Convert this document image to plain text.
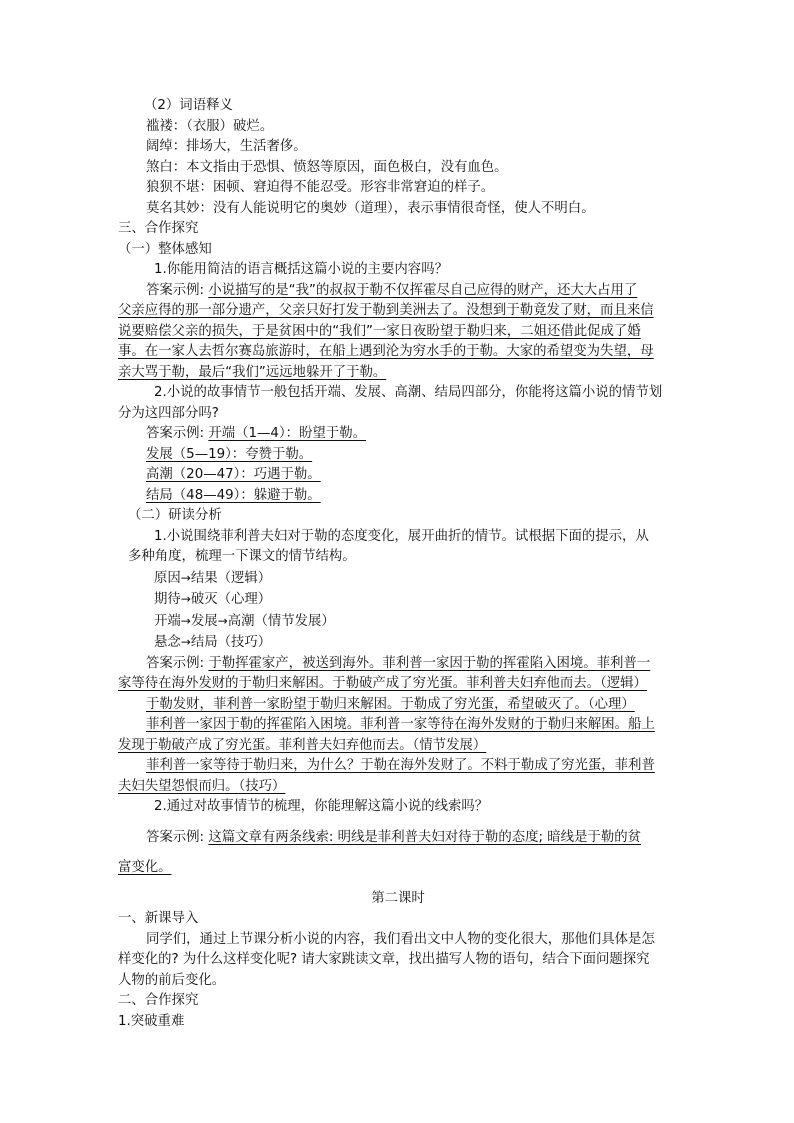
（2）词语释义
褴褛：（衣服）破烂。
阔绰：排场大，生活奢侈。
煞白：本文指由于恐惧、愤怒等原因，面色极白，没有血色。
狼狈不堪：困顿、窘迫得不能忍受。形容非常窘迫的样子。
莫名其妙：没有人能说明它的奥妙（道理），表示事情很奇怪，使人不明白。
三、合作探究
（一）整体感知
1.你能用简洁的语言概括这篇小说的主要内容吗？
答案示例: 小说描写的是“我”的叔叔于勒不仅挥霍尽自己应得的财产，还大大占用了
父亲应得的那一部分遗产，父亲只好打发于勒到美洲去了。没想到于勒竟发了财，而且来信
说要赔偿父亲的损失，于是贫困中的“我们”一家日夜盼望于勒归来，二姐还借此促成了婚
事。在一家人去哲尔赛岛旅游时，在船上遇到沦为穷水手的于勒。大家的希望变为失望，母
亲大骂于勒，最后“我们”远远地躲开了于勒。
2.小说的故事情节一般包括开端、发展、高潮、结局四部分，你能将这篇小说的情节划
分为这四部分吗?
答案示例: 开端（1—4）：盼望于勒。
发展（5—19）：夸赞于勒。
高潮（20—47）：巧遇于勒。
结局（48—49）：躲避于勒。
（二）研读分析
1.小说围绕菲利普夫妇对于勒的态度变化，展开曲折的情节。试根据下面的提示，从
多种角度，梳理一下课文的情节结构。
原因→结果（逻辑）
期待→破灭（心理）
开端→发展→高潮（情节发展）
悬念→结局（技巧）
答案示例: 于勒挥霍家产，被送到海外。菲利普一家因于勒的挥霍陷入困境。菲利普一
家等待在海外发财的于勒归来解困。于勒破产成了穷光蛋。菲利普夫妇弃他而去。（逻辑）
于勒发财，菲利普一家盼望于勒归来解困。于勒成了穷光蛋，希望破灭了。（心理）
菲利普一家因于勒的挥霍陷入困境。菲利普一家等待在海外发财的于勒归来解困。船上
发现于勒破产成了穷光蛋。菲利普夫妇弃他而去。（情节发展）
菲利普一家等待于勒归来，为什么？于勒在海外发财了。不料于勒成了穷光蛋，菲利普
夫妇失望怨恨而归。（技巧）
2.通过对故事情节的梳理，你能理解这篇小说的线索吗？
答案示例: 这篇文章有两条线索: 明线是菲利普夫妇对待于勒的态度; 暗线是于勒的贫
富变化。
第二课时
一、新课导入
同学们，通过上节课分析小说的内容，我们看出文中人物的变化很大，那他们具体是怎
样变化的? 为什么这样变化呢? 请大家跳读文章，找出描写人物的语句，结合下面问题探究
人物的前后变化。
二、合作探究
1.突破重难
